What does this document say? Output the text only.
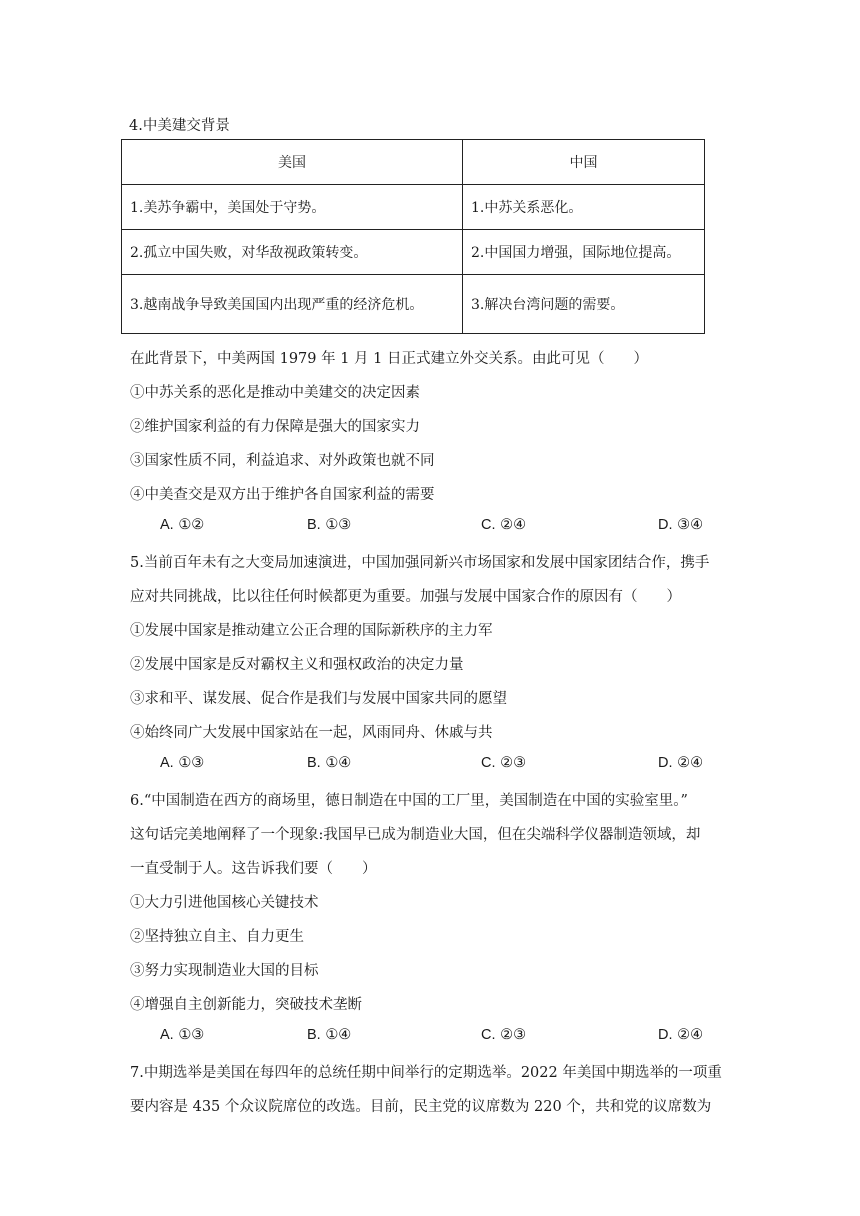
4.中美建交背景
美国	中国
1.美苏争霸中，美国处于守势。	1.中苏关系恶化。
2.孤立中国失败，对华敌视政策转变。	2.中国国力增强，国际地位提高。
3.越南战争导致美国国内出现严重的经济危机。	3.解决台湾问题的需要。
在此背景下，中美两国 1979 年 1 月 1 日正式建立外交关系。由此可见（　　）
①中苏关系的恶化是推动中美建交的决定因素
②维护国家利益的有力保障是强大的国家实力
③国家性质不同，利益追求、对外政策也就不同
④中美查交是双方出于维护各自国家利益的需要
A. ①②	B. ①③	C. ②④	D. ③④
5.当前百年未有之大变局加速演进，中国加强同新兴市场国家和发展中国家团结合作，携手
应对共同挑战，比以往任何时候都更为重要。加强与发展中国家合作的原因有（　　）
①发展中国家是推动建立公正合理的国际新秩序的主力军
②发展中国家是反对霸权主义和强权政治的决定力量
③求和平、谋发展、促合作是我们与发展中国家共同的愿望
④始终同广大发展中国家站在一起，风雨同舟、休戚与共
A. ①③	B. ①④	C. ②③	D. ②④
6.“中国制造在西方的商场里，德日制造在中国的工厂里，美国制造在中国的实验室里。”
这句话完美地阐释了一个现象:我国早已成为制造业大国，但在尖端科学仪器制造领域，却
一直受制于人。这告诉我们要（　　）
①大力引进他国核心关键技术
②坚持独立自主、自力更生
③努力实现制造业大国的目标
④增强自主创新能力，突破技术垄断
A. ①③	B. ①④	C. ②③	D. ②④
7.中期选举是美国在每四年的总统任期中间举行的定期选举。2022 年美国中期选举的一项重
要内容是 435 个众议院席位的改选。目前，民主党的议席数为 220 个，共和党的议席数为
